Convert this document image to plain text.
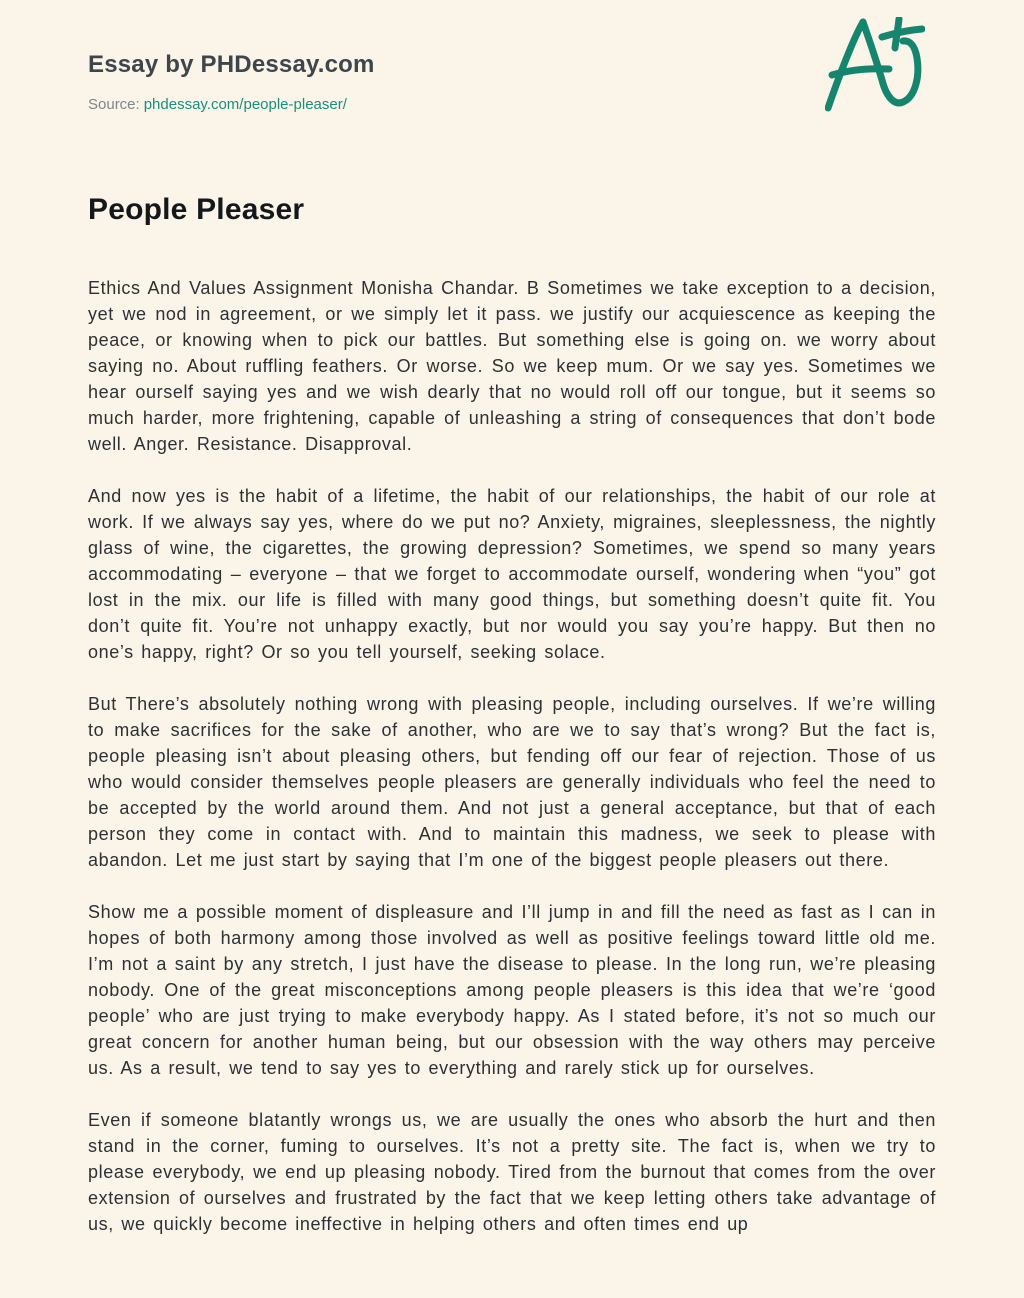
Essay by PHDessay.com
Source: phdessay.com/people-pleaser/
People Pleaser

Ethics And Values Assignment Monisha Chandar. B Sometimes we take exception to a decision, yet we nod in agreement, or we simply let it pass. we justify our acquiescence as keeping the peace, or knowing when to pick our battles. But something else is going on. we worry about saying no. About ruffling feathers. Or worse. So we keep mum. Or we say yes. Sometimes we hear ourself saying yes and we wish dearly that no would roll off our tongue, but it seems so much harder, more frightening, capable of unleashing a string of consequences that don’t bode well. Anger. Resistance. Disapproval.

And now yes is the habit of a lifetime, the habit of our relationships, the habit of our role at work. If we always say yes, where do we put no? Anxiety, migraines, sleeplessness, the nightly glass of wine, the cigarettes, the growing depression? Sometimes, we spend so many years accommodating – everyone – that we forget to accommodate ourself, wondering when “you” got lost in the mix. our life is filled with many good things, but something doesn’t quite fit. You don’t quite fit. You’re not unhappy exactly, but nor would you say you’re happy. But then no one’s happy, right? Or so you tell yourself, seeking solace.

But There’s absolutely nothing wrong with pleasing people, including ourselves. If we’re willing to make sacrifices for the sake of another, who are we to say that’s wrong? But the fact is, people pleasing isn’t about pleasing others, but fending off our fear of rejection. Those of us who would consider themselves people pleasers are generally individuals who feel the need to be accepted by the world around them. And not just a general acceptance, but that of each person they come in contact with. And to maintain this madness, we seek to please with abandon. Let me just start by saying that I’m one of the biggest people pleasers out there.

Show me a possible moment of displeasure and I’ll jump in and fill the need as fast as I can in hopes of both harmony among those involved as well as positive feelings toward little old me. I’m not a saint by any stretch, I just have the disease to please. In the long run, we’re pleasing nobody. One of the great misconceptions among people pleasers is this idea that we’re ‘good people’ who are just trying to make everybody happy. As I stated before, it’s not so much our great concern for another human being, but our obsession with the way others may perceive us. As a result, we tend to say yes to everything and rarely stick up for ourselves.

Even if someone blatantly wrongs us, we are usually the ones who absorb the hurt and then stand in the corner, fuming to ourselves. It’s not a pretty site. The fact is, when we try to please everybody, we end up pleasing nobody. Tired from the burnout that comes from the over extension of ourselves and frustrated by the fact that we keep letting others take advantage of us, we quickly become ineffective in helping others and often times end up
